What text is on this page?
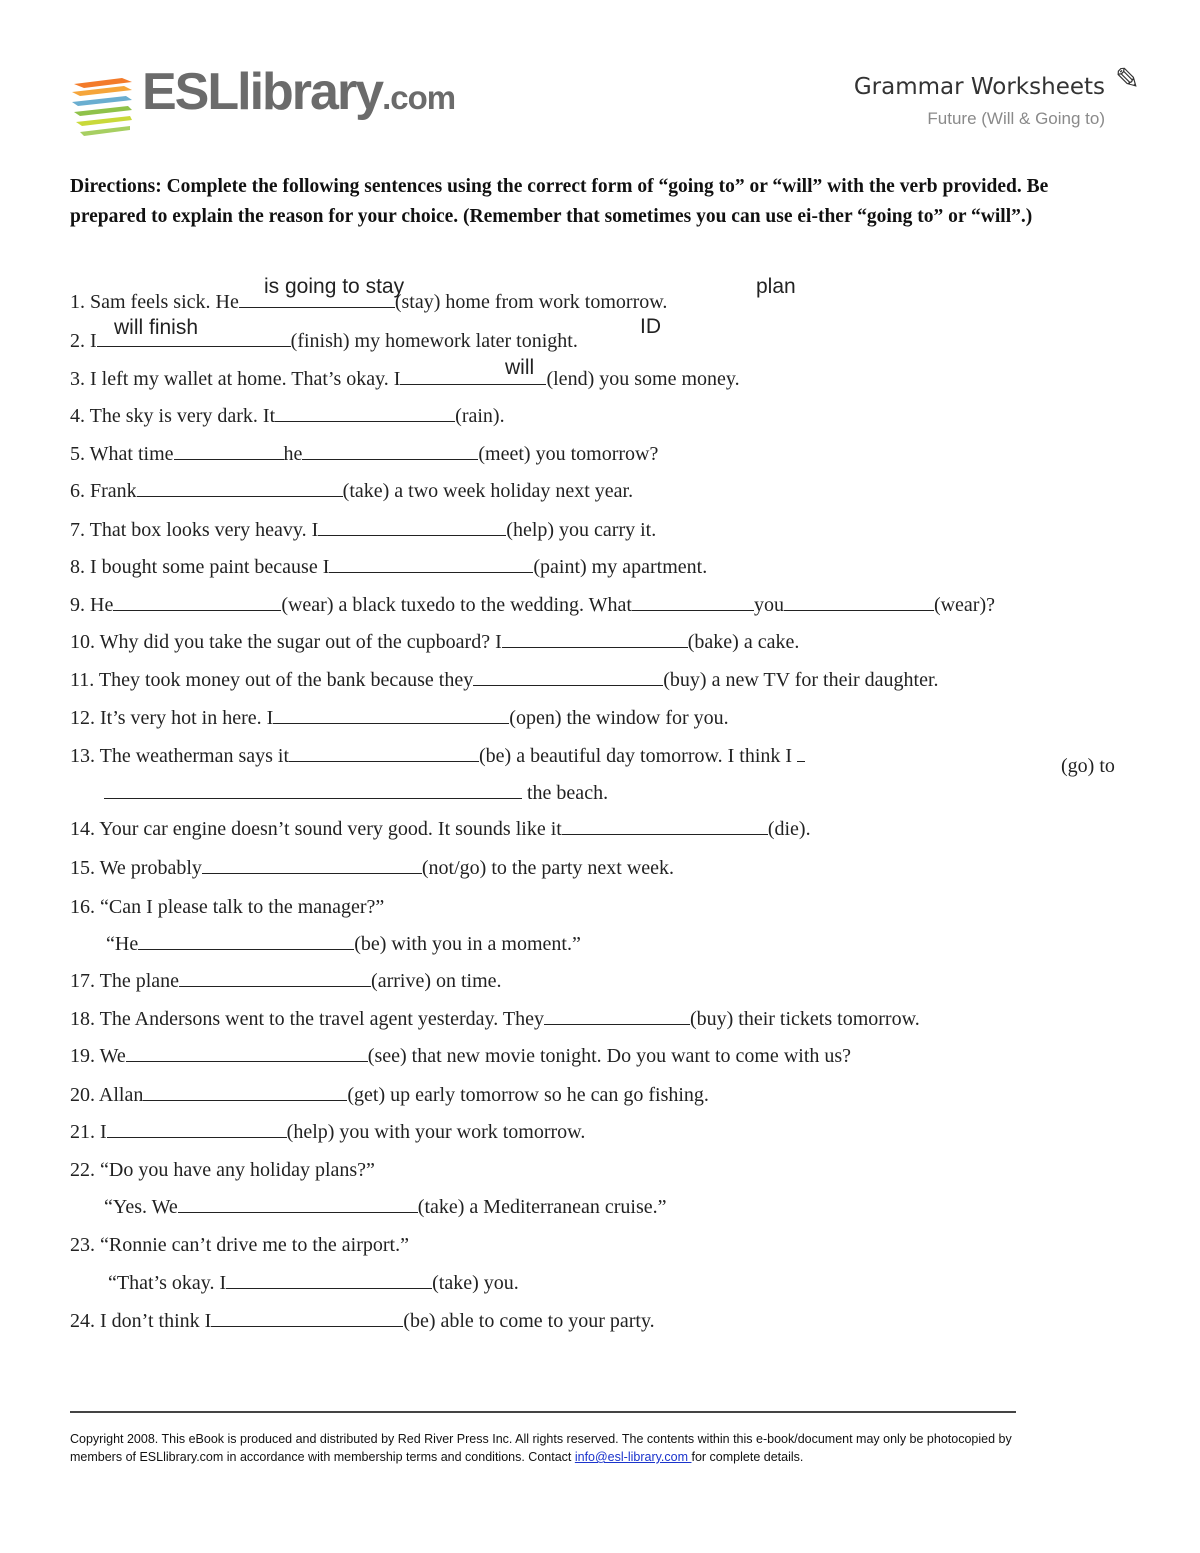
ESLlibrary.com	Grammar Worksheets ✎
Future (Will & Going to)
Directions: Complete the following sentences using the correct form of “going to” or “will” with the verb provided. Be prepared to explain the reason for your choice. (Remember that sometimes you can use ei-ther “going to” or “will”.)
1. Sam feels sick. He	(stay) home from work tomorrow.
2. I	(finish) my homework later tonight.
3. I left my wallet at home. That’s okay. I	(lend) you some money.
4. The sky is very dark. It	(rain).
5. What time	he	(meet) you tomorrow?
6. Frank	(take) a two week holiday next year.
7. That box looks very heavy. I	(help) you carry it.
8. I bought some paint because I	(paint) my apartment.
9. He	(wear) a black tuxedo to the wedding. What	you	(wear)?
10. Why did you take the sugar out of the cupboard? I	(bake) a cake.
11. They took money out of the bank because they	(buy) a new TV for their daughter.
12. It’s very hot in here. I	(open) the window for you.
13. The weatherman says it	(be) a beautiful day tomorrow. I think I	(go) to
the beach.
14. Your car engine doesn’t sound very good. It sounds like it	(die).
15. We probably	(not/go) to the party next week.
16. “Can I please talk to the manager?”
“He	(be) with you in a moment.”
17. The plane	(arrive) on time.
18. The Andersons went to the travel agent yesterday. They	(buy) their tickets tomorrow.
19. We	(see) that new movie tonight. Do you want to come with us?
20. Allan	(get) up early tomorrow so he can go fishing.
21. I	(help) you with your work tomorrow.
22. “Do you have any holiday plans?”
“Yes. We	(take) a Mediterranean cruise.”
23. “Ronnie can’t drive me to the airport.”
“That’s okay. I	(take) you.
24. I don’t think I	(be) able to come to your party.
is going to stay	plan
will finish	ID
will
Copyright 2008. This eBook is produced and distributed by Red River Press Inc. All rights reserved. The contents within this e-book/document may only be photocopied by members of ESLlibrary.com in accordance with membership terms and conditions. Contact info@esl-library.com for complete details.
